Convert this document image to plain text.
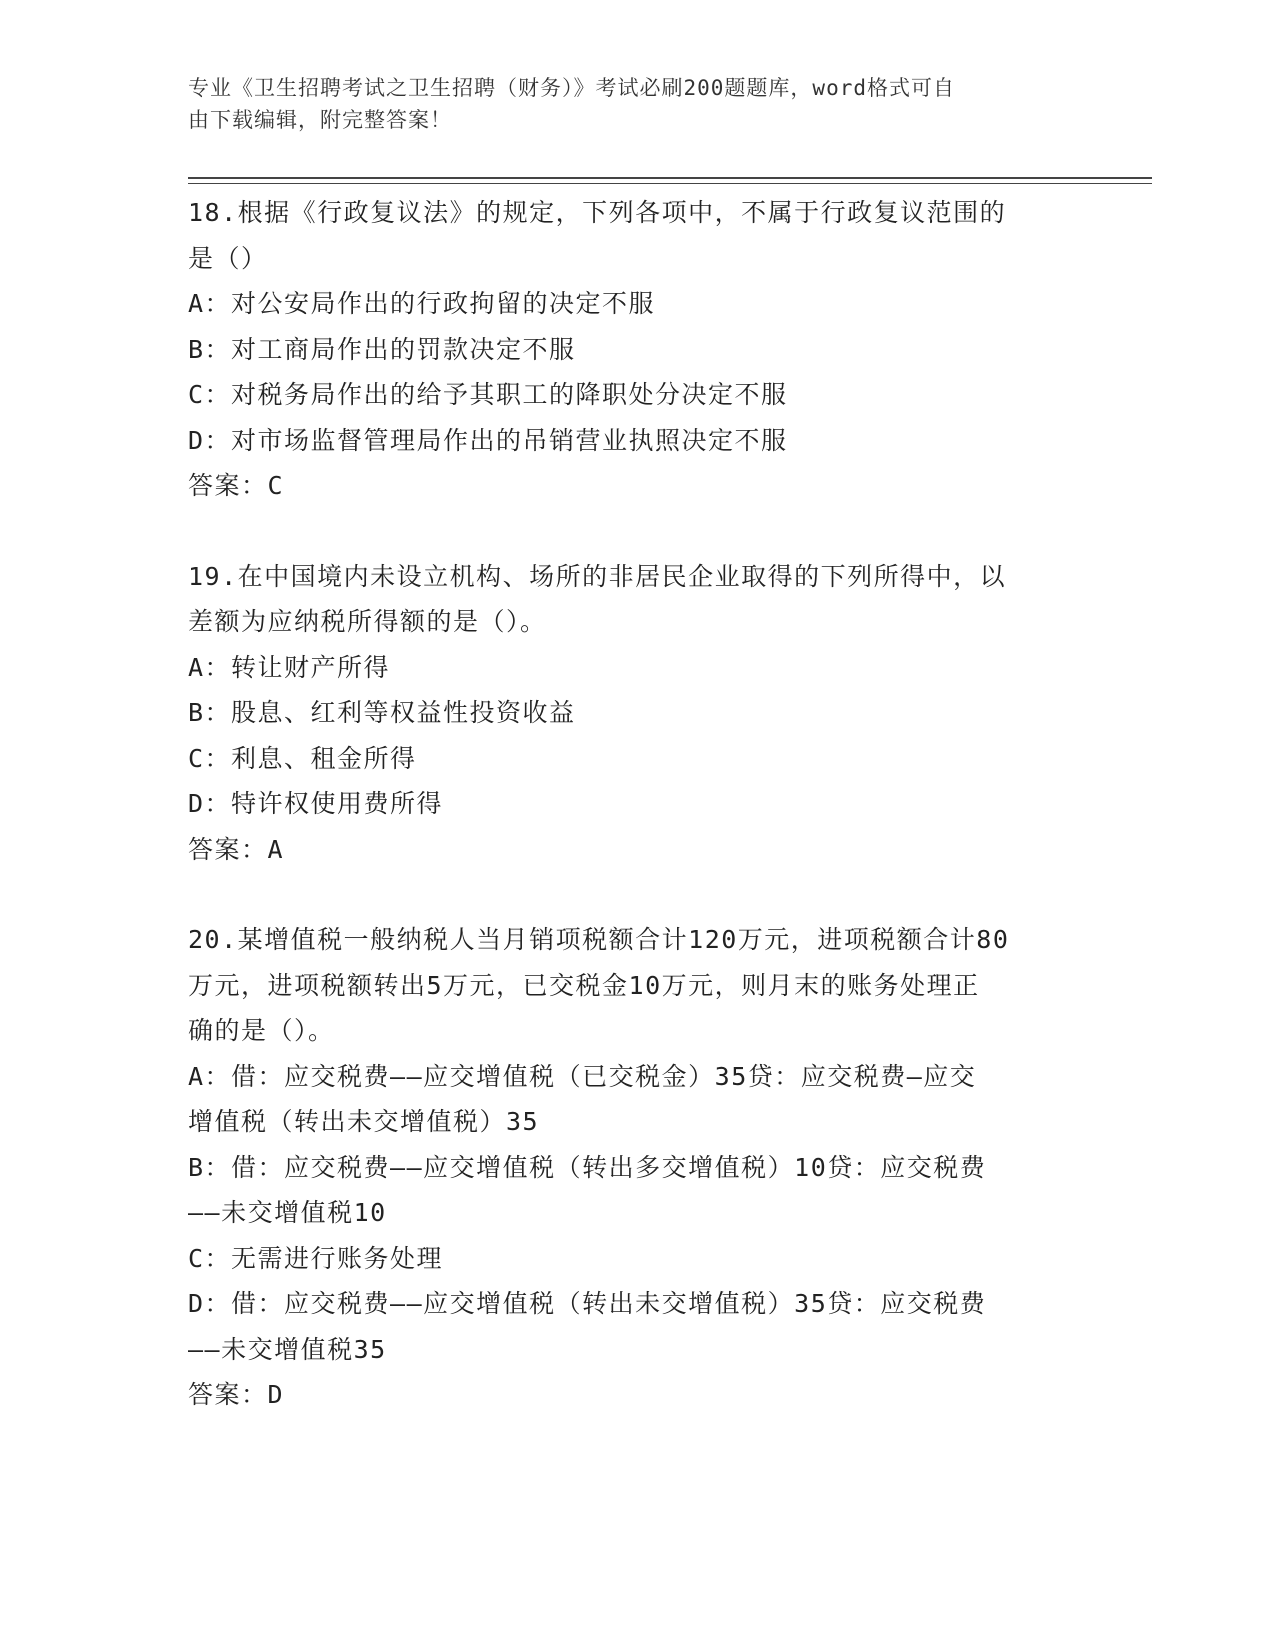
专业《卫生招聘考试之卫生招聘（财务）》考试必刷200题题库，word格式可自
由下载编辑，附完整答案！

18.根据《行政复议法》的规定，下列各项中，不属于行政复议范围的

是（）

A：对公安局作出的行政拘留的决定不服

B：对工商局作出的罚款决定不服

C：对税务局作出的给予其职工的降职处分决定不服

D：对市场监督管理局作出的吊销营业执照决定不服

答案：C

19.在中国境内未设立机构、场所的非居民企业取得的下列所得中，以

差额为应纳税所得额的是（）。

A：转让财产所得

B：股息、红利等权益性投资收益

C：利息、租金所得

D：特许权使用费所得

答案：A

20.某增值税一般纳税人当月销项税额合计120万元，进项税额合计80

万元，进项税额转出5万元，已交税金10万元，则月末的账务处理正

确的是（）。

A：借：应交税费——应交增值税（已交税金）35贷：应交税费—应交

增值税（转出未交增值税）35

B：借：应交税费——应交增值税（转出多交增值税）10贷：应交税费

——未交增值税10

C：无需进行账务处理

D：借：应交税费——应交增值税（转出未交增值税）35贷：应交税费

——未交增值税35

答案：D
